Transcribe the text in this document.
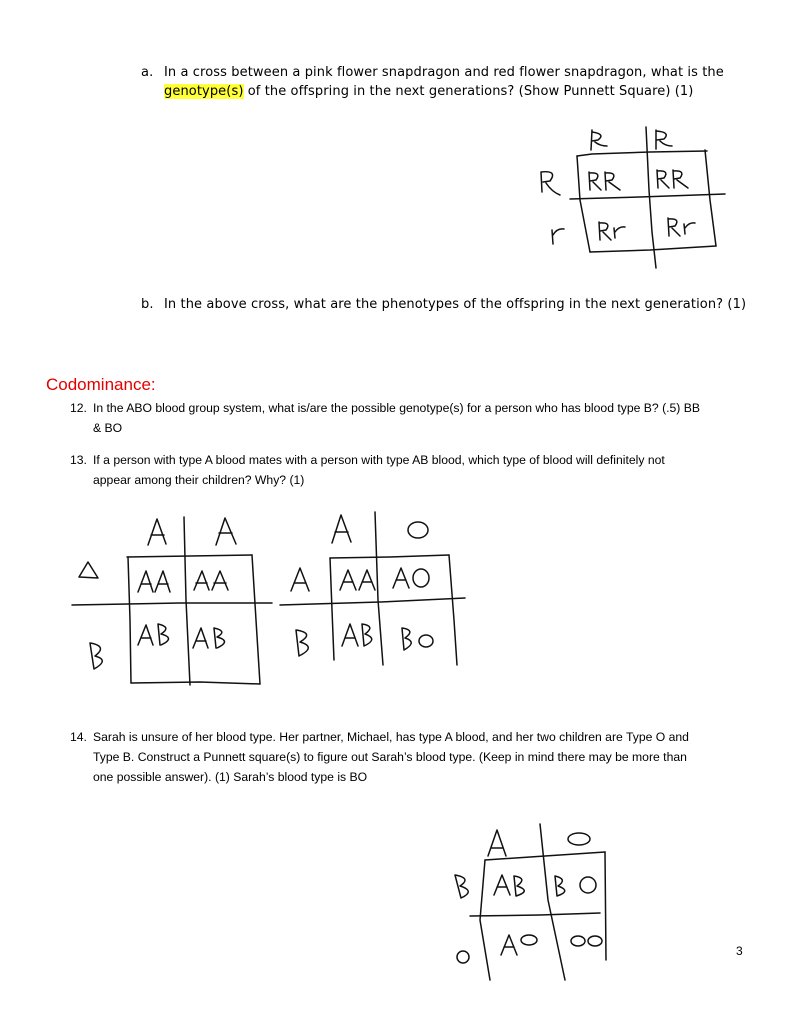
a. In a cross between a pink flower snapdragon and red flower snapdragon, what is the
genotype(s) of the offspring in the next generations? (Show Punnett Square) (1)
b. In the above cross, what are the phenotypes of the offspring in the next generation? (1)
Codominance:
12. In the ABO blood group system, what is/are the possible genotype(s) for a person who has blood type B? (.5) BB
& BO
13. If a person with type A blood mates with a person with type AB blood, which type of blood will definitely not
appear among their children? Why? (1)
14. Sarah is unsure of her blood type. Her partner, Michael, has type A blood, and her two children are Type O and
Type B. Construct a Punnett square(s) to figure out Sarah’s blood type. (Keep in mind there may be more than
one possible answer). (1) Sarah’s blood type is BO
3
